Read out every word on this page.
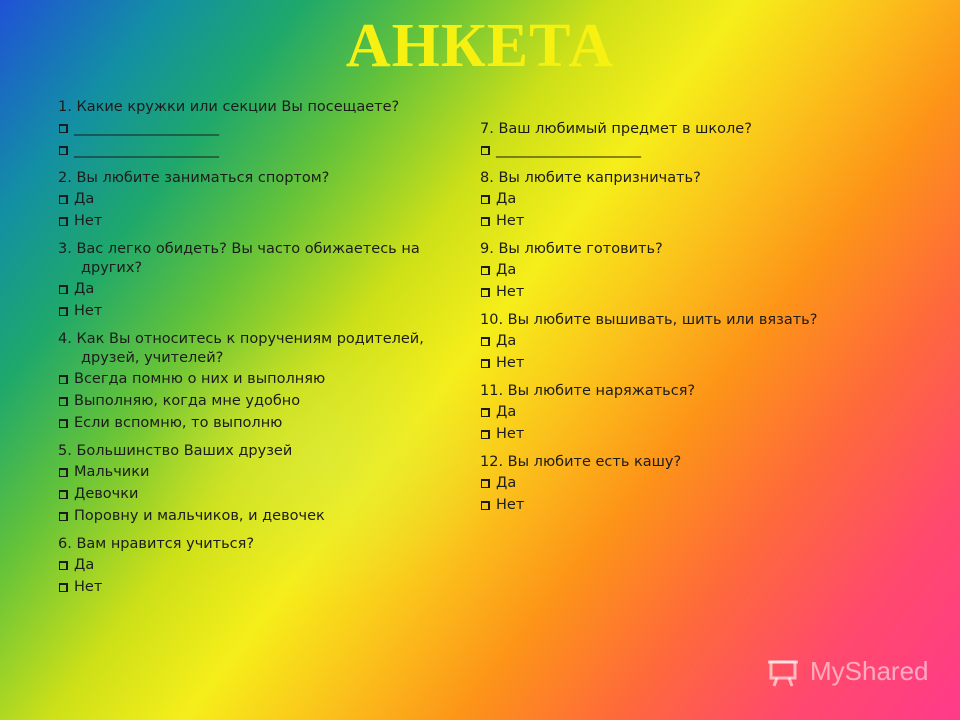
АНКЕТА
1. Какие кружки или секции Вы посещаете?
____________________
____________________
2. Вы любите заниматься спортом?
Да
Нет
3. Вас легко обидеть? Вы часто обижаетесь на других?
Да
Нет
4. Как Вы относитесь к поручениям родителей, друзей, учителей?
Всегда помню о них и выполняю
Выполняю, когда мне удобно
Если вспомню, то выполню
5. Большинство Ваших друзей
Мальчики
Девочки
Поровну и мальчиков, и девочек
6. Вам нравится учиться?
Да
Нет
7. Ваш любимый предмет в школе?
____________________
8. Вы любите капризничать?
Да
Нет
9. Вы любите готовить?
Да
Нет
10. Вы любите вышивать, шить или вязать?
Да
Нет
11. Вы любите наряжаться?
Да
Нет
12. Вы любите есть кашу?
Да
Нет
MyShared
